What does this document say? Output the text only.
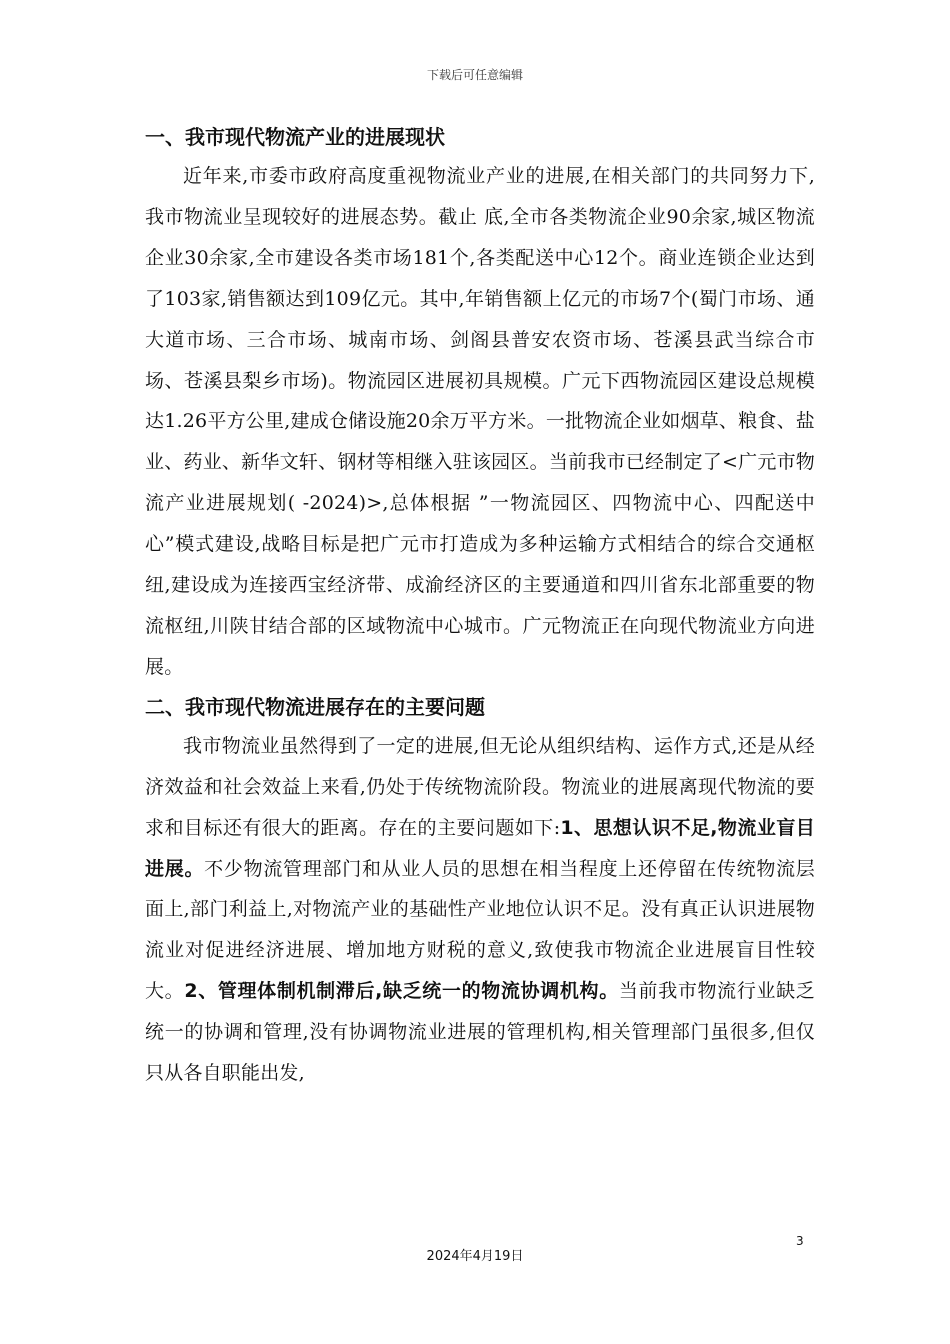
下载后可任意编辑
一、我市现代物流产业的进展现状

近年来,市委市政府高度重视物流业产业的进展,在相关部门的共同努力下,我市物流业呈现较好的进展态势。截止 底,全市各类物流企业90余家,城区物流企业30余家,全市建设各类市场181个,各类配送中心12个。商业连锁企业达到了103家,销售额达到109亿元。其中,年销售额上亿元的市场7个(蜀门市场、通大道市场、三合市场、城南市场、剑阁县普安农资市场、苍溪县武当综合市场、苍溪县梨乡市场)。物流园区进展初具规模。广元下西物流园区建设总规模达1.26平方公里,建成仓储设施20余万平方米。一批物流企业如烟草、粮食、盐业、药业、新华文轩、钢材等相继入驻该园区。当前我市已经制定了<广元市物流产业进展规划( -2024)>,总体根据 ”一物流园区、四物流中心、四配送中心”模式建设,战略目标是把广元市打造成为多种运输方式相结合的综合交通枢纽,建设成为连接西宝经济带、成渝经济区的主要通道和四川省东北部重要的物流枢纽,川陕甘结合部的区域物流中心城市。广元物流正在向现代物流业方向进展。

二、我市现代物流进展存在的主要问题

我市物流业虽然得到了一定的进展,但无论从组织结构、运作方式,还是从经济效益和社会效益上来看,仍处于传统物流阶段。物流业的进展离现代物流的要求和目标还有很大的距离。存在的主要问题如下:1、思想认识不足,物流业盲目进展。不少物流管理部门和从业人员的思想在相当程度上还停留在传统物流层面上,部门利益上,对物流产业的基础性产业地位认识不足。没有真正认识进展物流业对促进经济进展、增加地方财税的意义,致使我市物流企业进展盲目性较大。2、管理体制机制滞后,缺乏统一的物流协调机构。当前我市物流行业缺乏统一的协调和管理,没有协调物流业进展的管理机构,相关管理部门虽很多,但仅只从各自职能出发,

3
2024年4月19日
